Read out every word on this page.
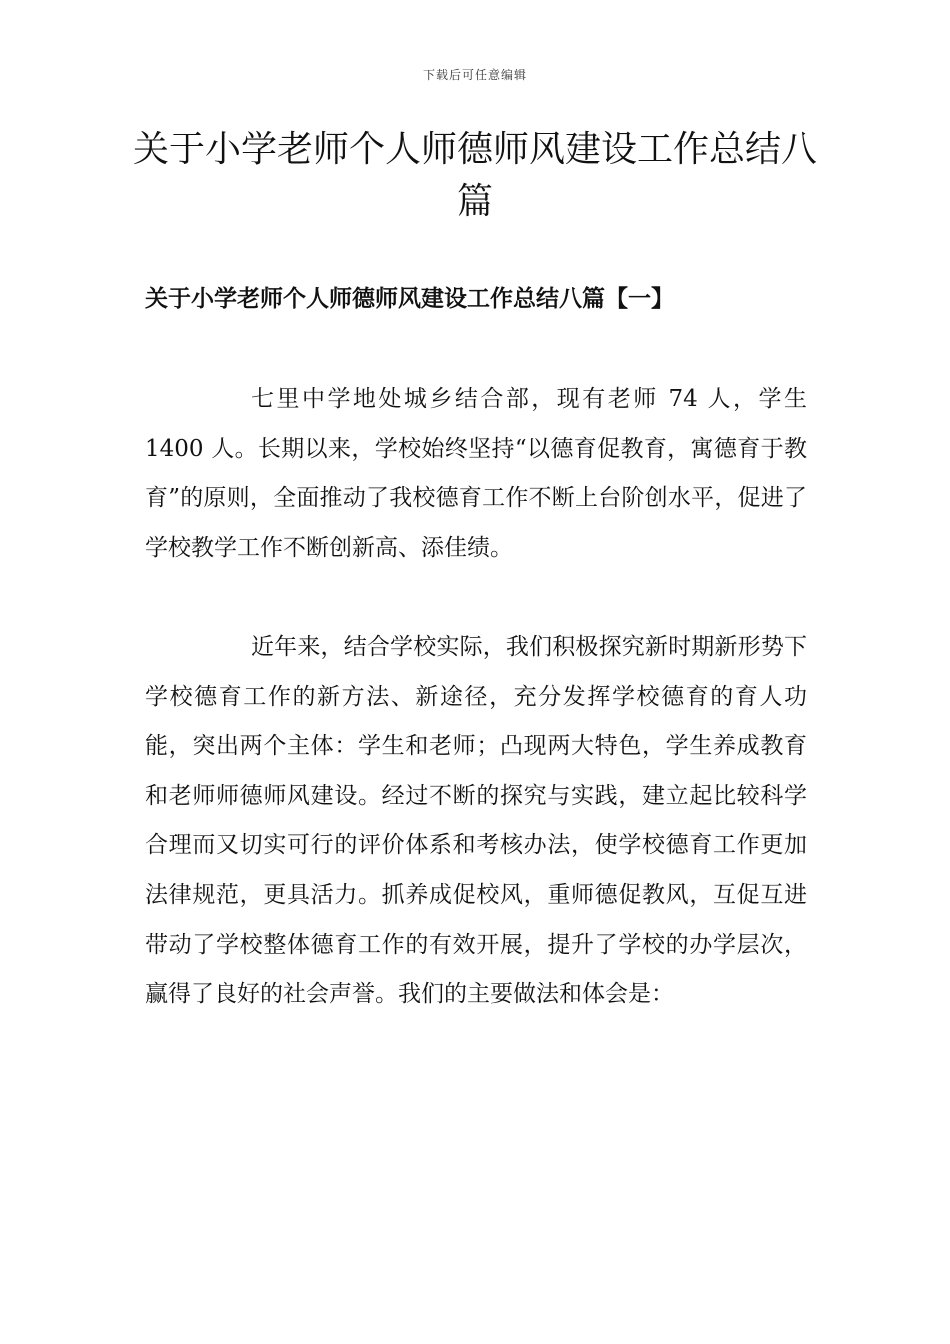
下载后可任意编辑
关于小学老师个人师德师风建设工作总结八篇
关于小学老师个人师德师风建设工作总结八篇【一】

七里中学地处城乡结合部，现有老师 74 人，学生 1400 人。长期以来，学校始终坚持“以德育促教育，寓德育于教育”的原则，全面推动了我校德育工作不断上台阶创水平，促进了学校教学工作不断创新高、添佳绩。

近年来，结合学校实际，我们积极探究新时期新形势下学校德育工作的新方法、新途径，充分发挥学校德育的育人功能，突出两个主体：学生和老师；凸现两大特色，学生养成教育和老师师德师风建设。经过不断的探究与实践，建立起比较科学合理而又切实可行的评价体系和考核办法，使学校德育工作更加法律规范，更具活力。抓养成促校风，重师德促教风，互促互进带动了学校整体德育工作的有效开展，提升了学校的办学层次，赢得了良好的社会声誉。我们的主要做法和体会是：
